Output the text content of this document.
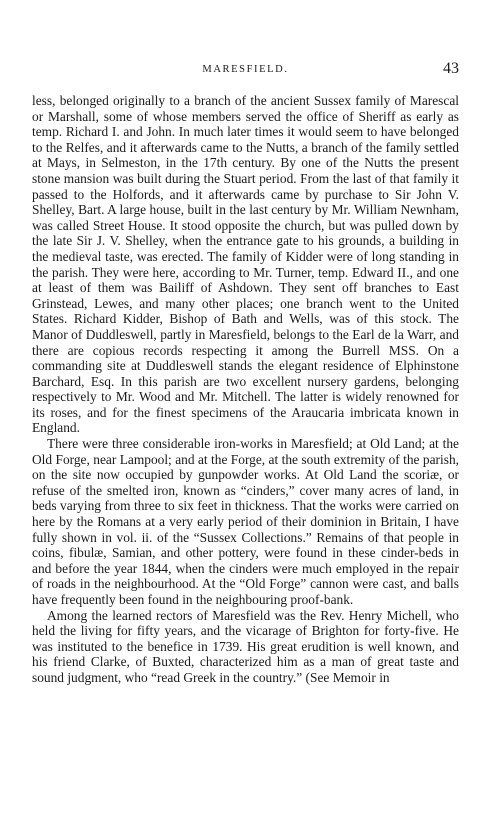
MARESFIELD.	43

less, belonged originally to a branch of the ancient Sussex family of Marescal or Marshall, some of whose members served the office of Sheriff as early as temp. Richard I. and John. In much later times it would seem to have belonged to the Relfes, and it afterwards came to the Nutts, a branch of the family settled at Mays, in Selmeston, in the 17th century. By one of the Nutts the present stone mansion was built during the Stuart period. From the last of that family it passed to the Holfords, and it afterwards came by purchase to Sir John V. Shelley, Bart. A large house, built in the last century by Mr. William Newnham, was called Street House. It stood opposite the church, but was pulled down by the late Sir J. V. Shelley, when the entrance gate to his grounds, a building in the medieval taste, was erected. The family of Kidder were of long standing in the parish. They were here, according to Mr. Turner, temp. Edward II., and one at least of them was Bailiff of Ashdown. They sent off branches to East Grinstead, Lewes, and many other places; one branch went to the United States. Richard Kidder, Bishop of Bath and Wells, was of this stock. The Manor of Duddleswell, partly in Maresfield, belongs to the Earl de la Warr, and there are copious records respecting it among the Burrell MSS. On a commanding site at Duddleswell stands the elegant residence of Elphinstone Barchard, Esq. In this parish are two excellent nursery gardens, belonging respectively to Mr. Wood and Mr. Mitchell. The latter is widely renowned for its roses, and for the finest specimens of the Araucaria imbricata known in England.

There were three considerable iron-works in Maresfield; at Old Land; at the Old Forge, near Lampool; and at the Forge, at the south extremity of the parish, on the site now occupied by gunpowder works. At Old Land the scoriæ, or refuse of the smelted iron, known as “cinders,” cover many acres of land, in beds varying from three to six feet in thickness. That the works were carried on here by the Romans at a very early period of their dominion in Britain, I have fully shown in vol. ii. of the “Sussex Collections.” Remains of that people in coins, fibulæ, Samian, and other pottery, were found in these cinder-beds in and before the year 1844, when the cinders were much employed in the repair of roads in the neighbourhood. At the “Old Forge” cannon were cast, and balls have frequently been found in the neighbouring proof-bank.

Among the learned rectors of Maresfield was the Rev. Henry Michell, who held the living for fifty years, and the vicarage of Brighton for forty-five. He was instituted to the benefice in 1739. His great erudition is well known, and his friend Clarke, of Buxted, characterized him as a man of great taste and sound judgment, who “read Greek in the country.” (See Memoir in
